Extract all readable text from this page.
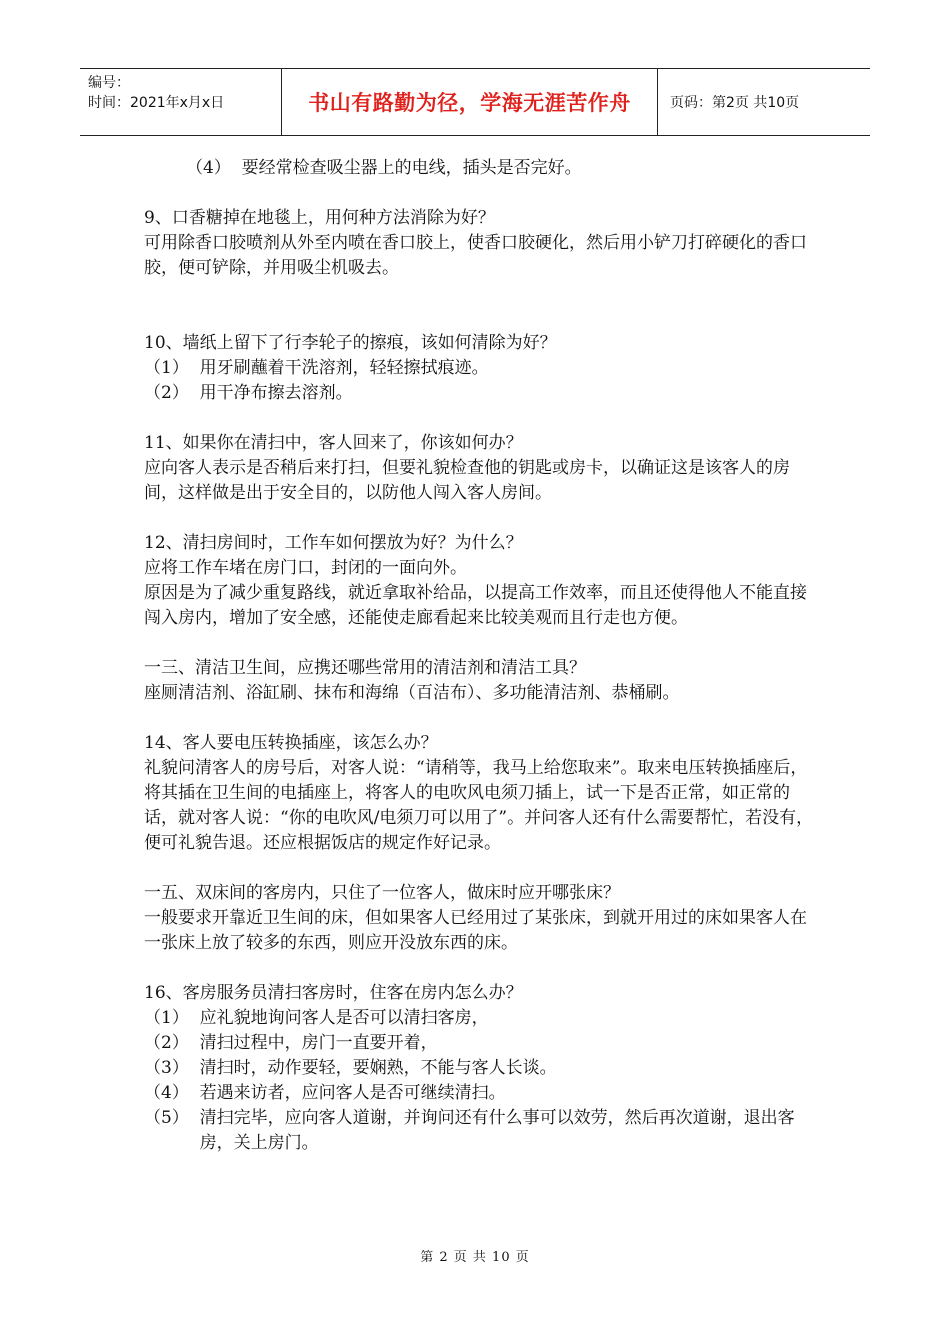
编号：
时间：2021年x月x日	书山有路勤为径，学海无涯苦作舟	页码：第2页 共10页
（4） 要经常检查吸尘器上的电线，插头是否完好。

9、口香糖掉在地毯上，用何种方法消除为好？

可用除香口胶喷剂从外至内喷在香口胶上，使香口胶硬化，然后用小铲刀打碎硬化的香口胶，便可铲除，并用吸尘机吸去。

10、墙纸上留下了行李轮子的擦痕，该如何清除为好？

（1） 用牙刷蘸着干洗溶剂，轻轻擦拭痕迹。
（2） 用干净布擦去溶剂。

11、如果你在清扫中，客人回来了，你该如何办？

应向客人表示是否稍后来打扫，但要礼貌检查他的钥匙或房卡，以确证这是该客人的房间，这样做是出于安全目的，以防他人闯入客人房间。

12、清扫房间时，工作车如何摆放为好？为什么？

应将工作车堵在房门口，封闭的一面向外。

原因是为了减少重复路线，就近拿取补给品，以提高工作效率，而且还使得他人不能直接闯入房内，增加了安全感，还能使走廊看起来比较美观而且行走也方便。

一三、清洁卫生间，应携还哪些常用的清洁剂和清洁工具？

座厕清洁剂、浴缸刷、抹布和海绵（百洁布）、多功能清洁剂、恭桶刷。

14、客人要电压转换插座，该怎么办？

礼貌问清客人的房号后，对客人说：“请稍等，我马上给您取来”。取来电压转换插座后，将其插在卫生间的电插座上，将客人的电吹风电须刀插上，试一下是否正常，如正常的话，就对客人说：“你的电吹风/电须刀可以用了”。并问客人还有什么需要帮忙，若没有，便可礼貌告退。还应根据饭店的规定作好记录。

一五、双床间的客房内，只住了一位客人，做床时应开哪张床？

一般要求开靠近卫生间的床，但如果客人已经用过了某张床，到就开用过的床如果客人在一张床上放了较多的东西，则应开没放东西的床。

16、客房服务员清扫客房时，住客在房内怎么办？

（1） 应礼貌地询问客人是否可以清扫客房，
（2） 清扫过程中，房门一直要开着，
（3） 清扫时，动作要轻，要娴熟，不能与客人长谈。
（4） 若遇来访者，应问客人是否可继续清扫。
（5） 清扫完毕，应向客人道谢，并询问还有什么事可以效劳，然后再次道谢，退出客房，关上房门。
第 2 页 共 10 页
